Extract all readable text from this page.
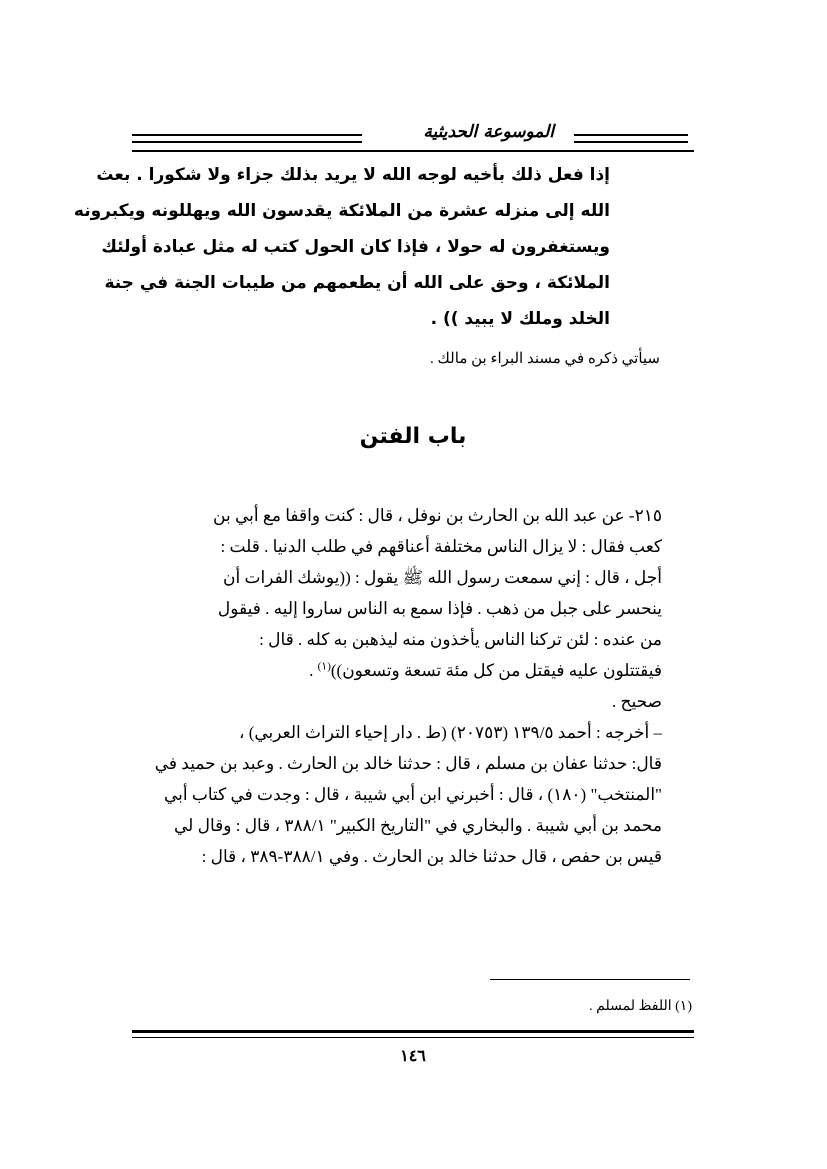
الموسوعة الحديثية
إذا فعل ذلك بأخيه لوجه الله لا يريد بذلك جزاء ولا شكورا . بعث
الله إلى منزله عشرة من الملائكة يقدسون الله ويهللونه ويكبرونه
ويستغفرون له حولا ، فإذا كان الحول كتب له مثل عبادة أولئك
الملائكة ، وحق على الله أن يطعمهم من طيبات الجنة في جنة
الخلد وملك لا يبيد )) .
سيأتي ذكره في مسند البراء بن مالك .
باب الفتن
٢١٥- عن عبد الله بن الحارث بن نوفل ، قال : كنت واقفا مع أبي بن
كعب فقال : لا يزال الناس مختلفة أعناقهم في طلب الدنيا . قلت :
أجل ، قال : إني سمعت رسول الله ﷺ يقول : ((يوشك الفرات أن
ينحسر على جبل من ذهب . فإذا سمع به الناس ساروا إليه . فيقول
من عنده : لئن تركنا الناس يأخذون منه ليذهبن به كله . قال :
فيقتتلون عليه فيقتل من كل مئة تسعة وتسعون))$^{(١)}$ .
صحيح .
– أخرجه : أحمد ١٣٩/٥ (٢٠٧٥٣) (ط . دار إحياء التراث العربي) ،
قال: حدثنا عفان بن مسلم ، قال : حدثنا خالد بن الحارث . وعبد بن حميد في
"المنتخب" (١٨٠) ، قال : أخبرني ابن أبي شيبة ، قال : وجدت في كتاب أبي
محمد بن أبي شيبة . والبخاري في "التاريخ الكبير" ٣٨٨/١ ، قال : وقال لي
قيس بن حفص ، قال حدثنا خالد بن الحارث . وفي ٣٨٨/١-٣٨٩ ، قال :
(١) اللفظ لمسلم .
١٤٦
